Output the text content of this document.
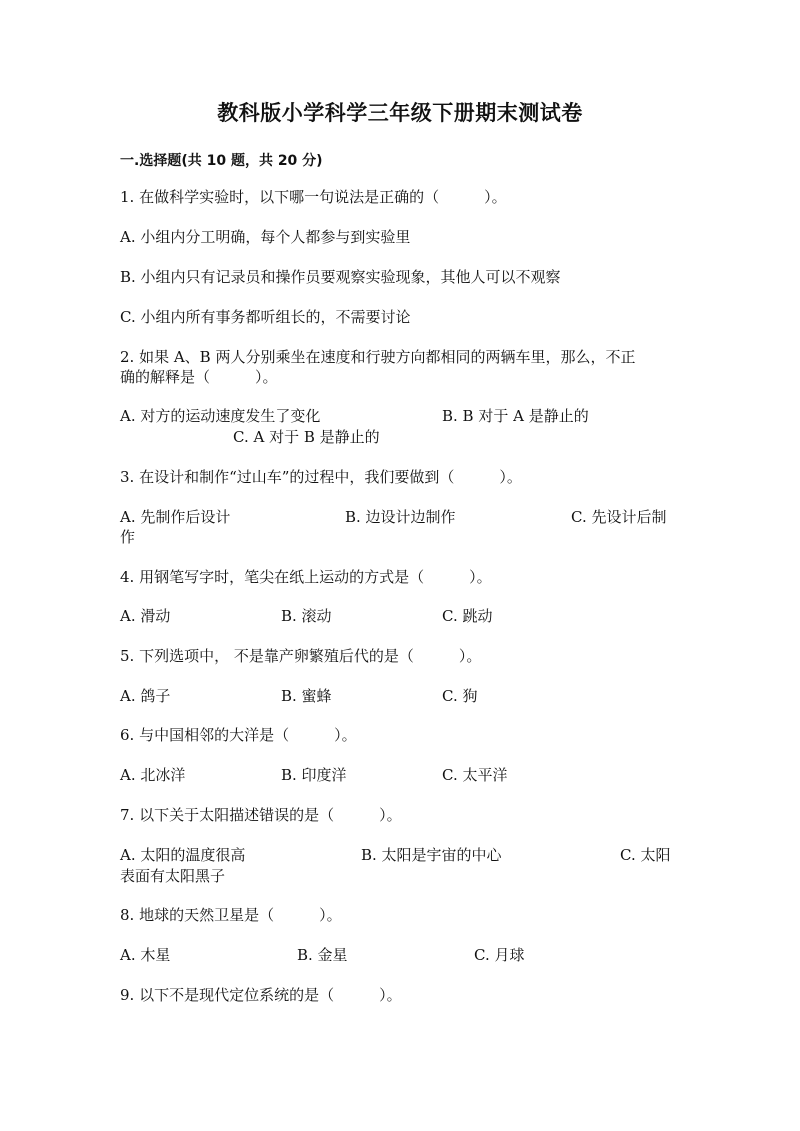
教科版小学科学三年级下册期末测试卷
一.选择题(共 10 题，共 20 分)
1. 在做科学实验时，以下哪一句说法是正确的（　　　）。
A. 小组内分工明确，每个人都参与到实验里
B. 小组内只有记录员和操作员要观察实验现象，其他人可以不观察
C. 小组内所有事务都听组长的，不需要讨论
2. 如果 A、B 两人分别乘坐在速度和行驶方向都相同的两辆车里，那么，不正
确的解释是（　　　）。
A. 对方的运动速度发生了变化	B. B 对于 A 是静止的
C. A 对于 B 是静止的
3. 在设计和制作“过山车”的过程中，我们要做到（　　　）。
A. 先制作后设计	B. 边设计边制作	C. 先设计后制
作
4. 用钢笔写字时，笔尖在纸上运动的方式是（　　　）。
A. 滑动	B. 滚动	C. 跳动
5. 下列选项中， 不是靠产卵繁殖后代的是（　　　）。
A. 鸽子	B. 蜜蜂	C. 狗
6. 与中国相邻的大洋是（　　　）。
A. 北冰洋	B. 印度洋	C. 太平洋
7. 以下关于太阳描述错误的是（　　　）。
A. 太阳的温度很高	B. 太阳是宇宙的中心	C. 太阳
表面有太阳黑子
8. 地球的天然卫星是（　　　）。
A. 木星	B. 金星	C. 月球
9. 以下不是现代定位系统的是（　　　）。
